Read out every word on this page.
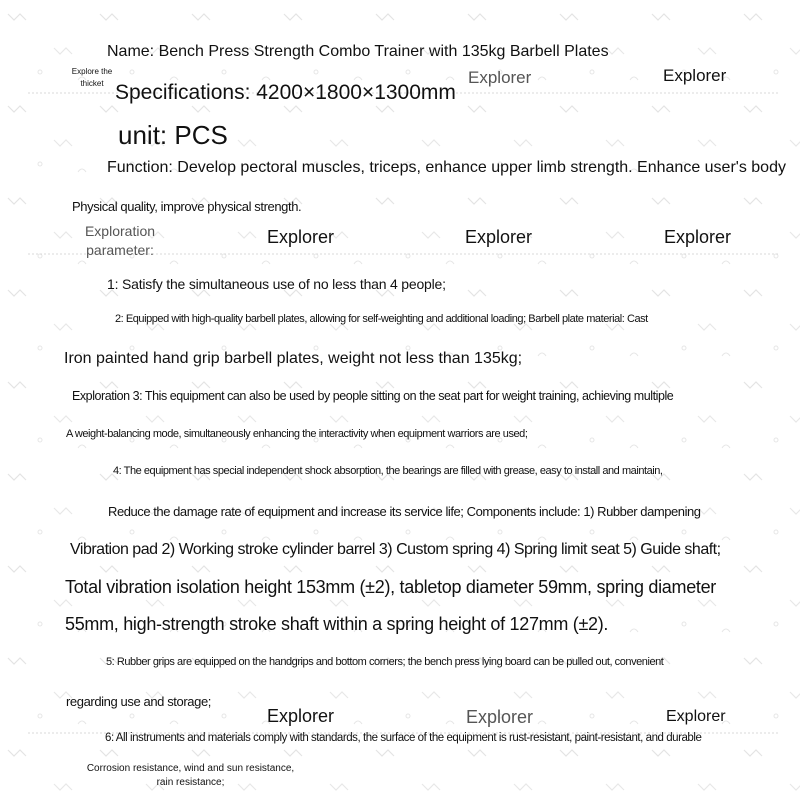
Explore the thicket	Explorer	Explorer
Exploration parameter:
Explorer	Explorer	Explorer
Explorer	Explorer	Explorer
Name: Bench Press Strength Combo Trainer with 135kg Barbell Plates
Specifications: 4200×1800×1300mm
unit: PCS
Function: Develop pectoral muscles, triceps, enhance upper limb strength. Enhance user's body
Physical quality, improve physical strength.
1: Satisfy the simultaneous use of no less than 4 people;
2: Equipped with high-quality barbell plates, allowing for self-weighting and additional loading; Barbell plate material: Cast
Iron painted hand grip barbell plates, weight not less than 135kg;
Exploration 3: This equipment can also be used by people sitting on the seat part for weight training, achieving multiple
A weight-balancing mode, simultaneously enhancing the interactivity when equipment warriors are used;
4: The equipment has special independent shock absorption, the bearings are filled with grease, easy to install and maintain,
Reduce the damage rate of equipment and increase its service life; Components include: 1) Rubber dampening
Vibration pad 2) Working stroke cylinder barrel 3) Custom spring 4) Spring limit seat 5) Guide shaft;
Total vibration isolation height 153mm (±2), tabletop diameter 59mm, spring diameter
55mm, high-strength stroke shaft within a spring height of 127mm (±2).
5: Rubber grips are equipped on the handgrips and bottom corners; the bench press lying board can be pulled out, convenient
regarding use and storage;
6: All instruments and materials comply with standards, the surface of the equipment is rust-resistant, paint-resistant, and durable
Corrosion resistance, wind and sun resistance, rain resistance;
